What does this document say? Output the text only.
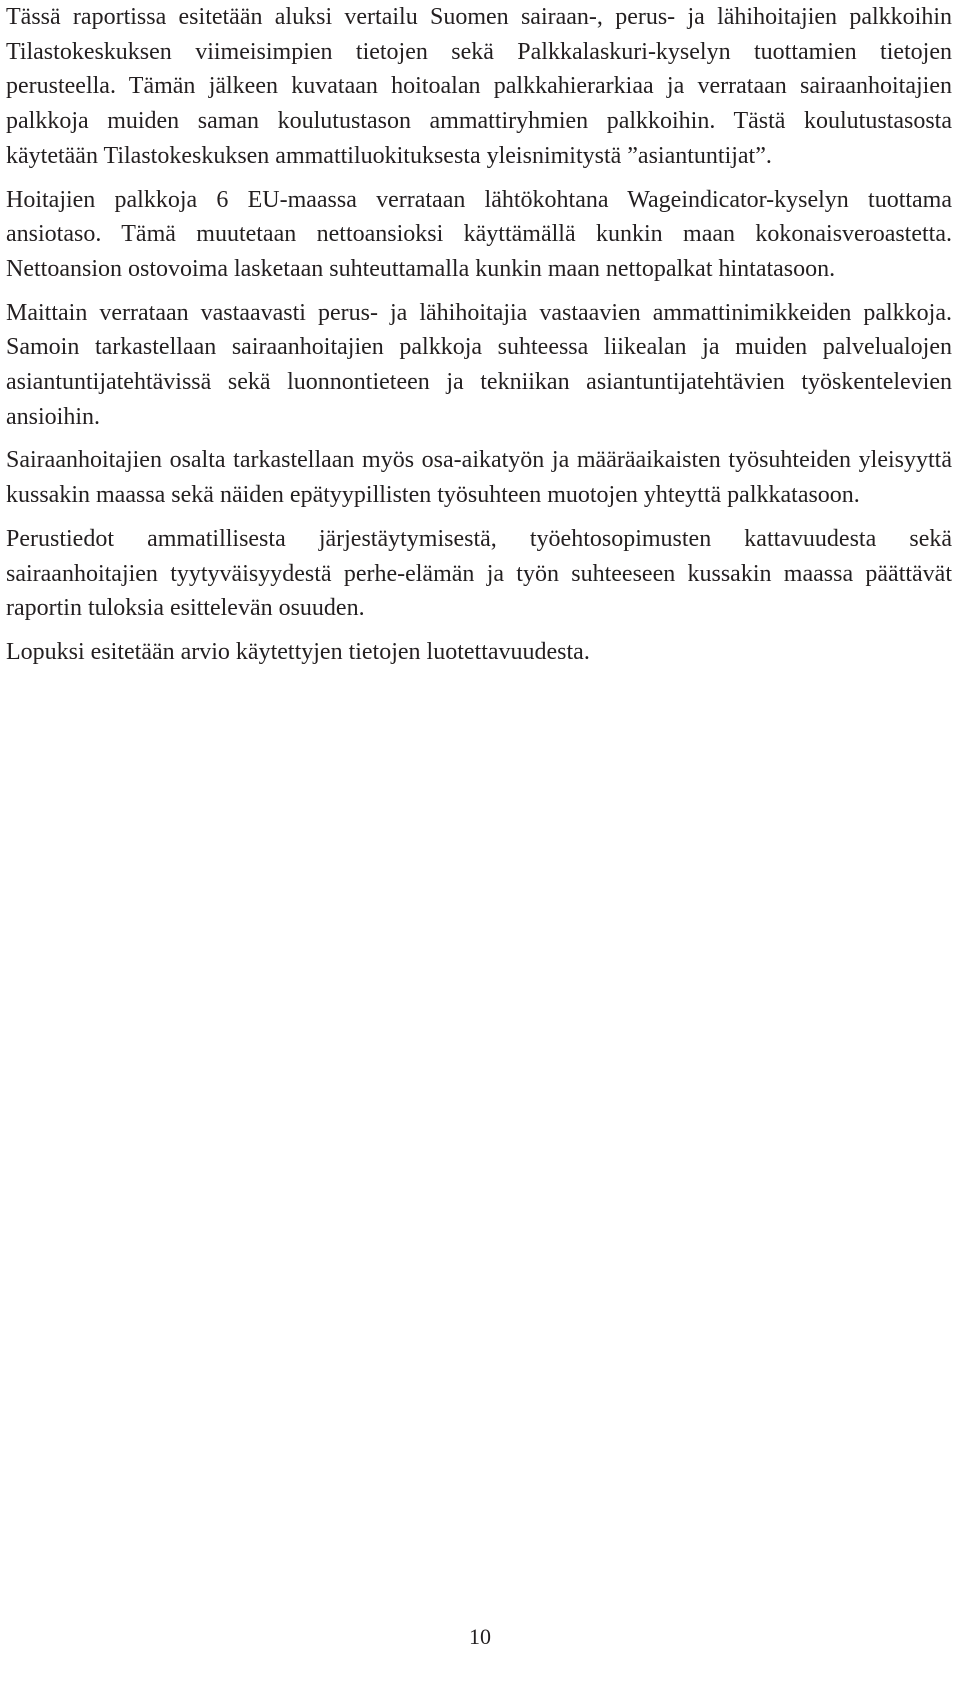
Tässä raportissa esitetään aluksi vertailu Suomen sairaan-, perus- ja lähihoitajien palkkoihin Tilastokeskuksen viimeisimpien tietojen sekä Palkkalaskuri-kyselyn tuottamien tietojen perusteella. Tämän jälkeen kuvataan hoitoalan palkkahierarkiaa ja verrataan sairaanhoitajien palkkoja muiden saman koulutustason ammattiryhmien palkkoihin. Tästä koulutustasosta käytetään Tilastokeskuksen ammattiluokituksesta yleisnimitystä ”asiantuntijat”.

Hoitajien palkkoja 6 EU-maassa verrataan lähtökohtana Wageindicator-kyselyn tuottama ansiotaso. Tämä muutetaan nettoansioksi käyttämällä kunkin maan kokonaisveroastetta. Nettoansion ostovoima lasketaan suhteuttamalla kunkin maan nettopalkat hintatasoon.

Maittain verrataan vastaavasti perus- ja lähihoitajia vastaavien ammattinimikkeiden palkkoja. Samoin tarkastellaan sairaanhoitajien palkkoja suhteessa liikealan ja muiden palvelualojen asiantuntijatehtävissä sekä luonnontieteen ja tekniikan asiantuntijatehtävien työskentelevien ansioihin.

Sairaanhoitajien osalta tarkastellaan myös osa-aikatyön ja määräaikaisten työsuhteiden yleisyyttä kussakin maassa sekä näiden epätyypillisten työsuhteen muotojen yhteyttä palkkatasoon.

Perustiedot ammatillisesta järjestäytymisestä, työehtosopimusten kattavuudesta sekä sairaanhoitajien tyytyväisyydestä perhe-elämän ja työn suhteeseen kussakin maassa päättävät raportin tuloksia esittelevän osuuden.

Lopuksi esitetään arvio käytettyjen tietojen luotettavuudesta.

10
